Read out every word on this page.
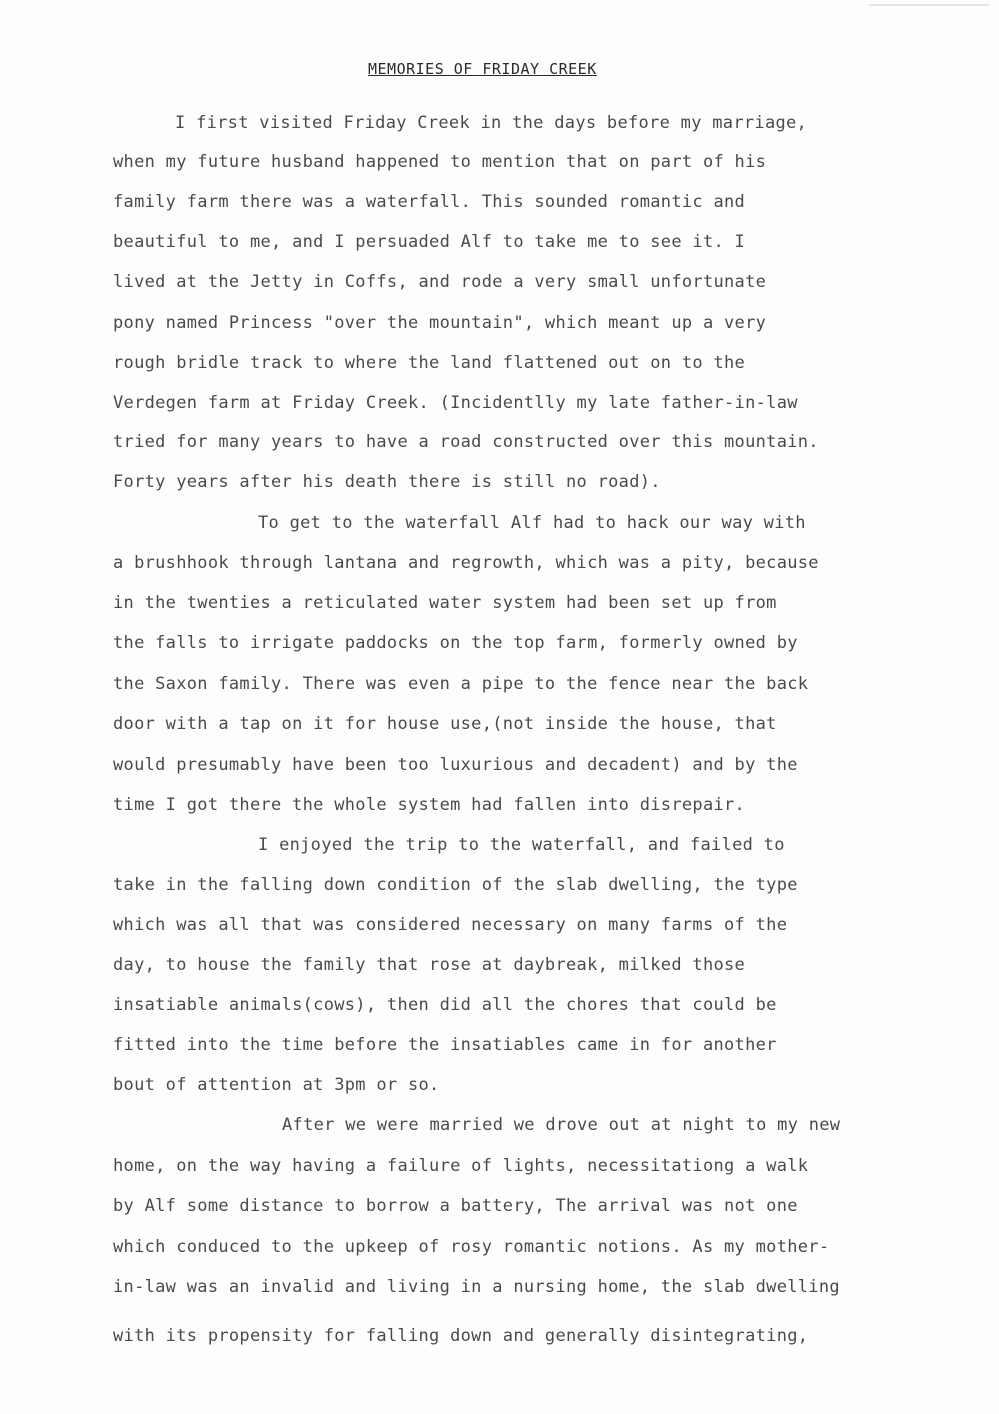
MEMORIES OF FRIDAY CREEK
I first visited Friday Creek in the days before my marriage,
when my future husband happened to mention that on part of his
family farm there was a waterfall. This sounded romantic and
beautiful to me, and I persuaded Alf to take me to see it. I
lived at the Jetty in Coffs, and rode a very small unfortunate
pony named Princess "over the mountain", which meant up a very
rough bridle track to where the land flattened out on to the
Verdegen farm at Friday Creek. (Incidentlly my late father-in-law
tried for many years to have a road constructed over this mountain.
Forty years after his death there is still no road).
To get to the waterfall Alf had to hack our way with
a brushhook through lantana and regrowth, which was a pity, because
in the twenties a reticulated water system had been set up from
the falls to irrigate paddocks on the top farm, formerly owned by
the Saxon family. There was even a pipe to the fence near the back
door with a tap on it for house use,(not inside the house, that
would presumably have been too luxurious and decadent) and by the
time I got there the whole system had fallen into disrepair.
I enjoyed the trip to the waterfall, and failed to
take in the falling down condition of the slab dwelling, the type
which was all that was considered necessary on many farms of the
day, to house the family that rose at daybreak, milked those
insatiable animals(cows), then did all the chores that could be
fitted into the time before the insatiables came in for another
bout of attention at 3pm or so.
After we were married we drove out at night to my new
home, on the way having a failure of lights, necessitationg a walk
by Alf some distance to borrow a battery, The arrival was not one
which conduced to the upkeep of rosy romantic notions. As my mother-
in-law was an invalid and living in a nursing home, the slab dwelling
with its propensity for falling down and generally disintegrating,
